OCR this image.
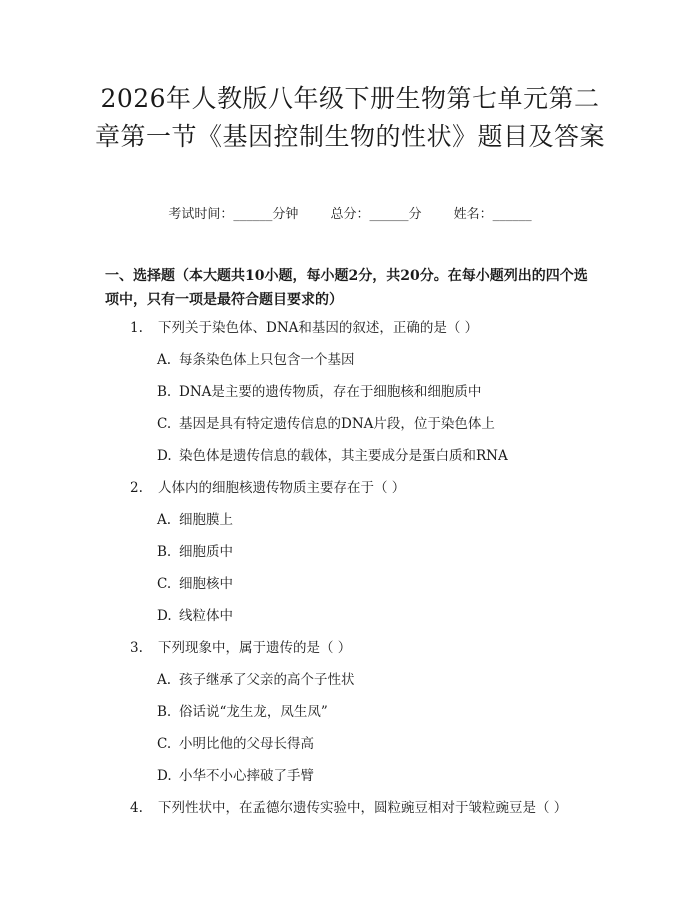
2026年人教版八年级下册生物第七单元第二章第一节《基因控制生物的性状》题目及答案
考试时间：______分钟 总分：______分 姓名：______
一、选择题（本大题共10小题，每小题2分，共20分。在每小题列出的四个选项中，只有一项是最符合题目要求的）
1. 下列关于染色体、DNA和基因的叙述，正确的是（ ）
A. 每条染色体上只包含一个基因
B. DNA是主要的遗传物质，存在于细胞核和细胞质中
C. 基因是具有特定遗传信息的DNA片段，位于染色体上
D. 染色体是遗传信息的载体，其主要成分是蛋白质和RNA
2. 人体内的细胞核遗传物质主要存在于（ ）
A. 细胞膜上
B. 细胞质中
C. 细胞核中
D. 线粒体中
3. 下列现象中，属于遗传的是（ ）
A. 孩子继承了父亲的高个子性状
B. 俗话说“龙生龙，凤生凤”
C. 小明比他的父母长得高
D. 小华不小心摔破了手臂
4. 下列性状中，在孟德尔遗传实验中，圆粒豌豆相对于皱粒豌豆是（ ）
